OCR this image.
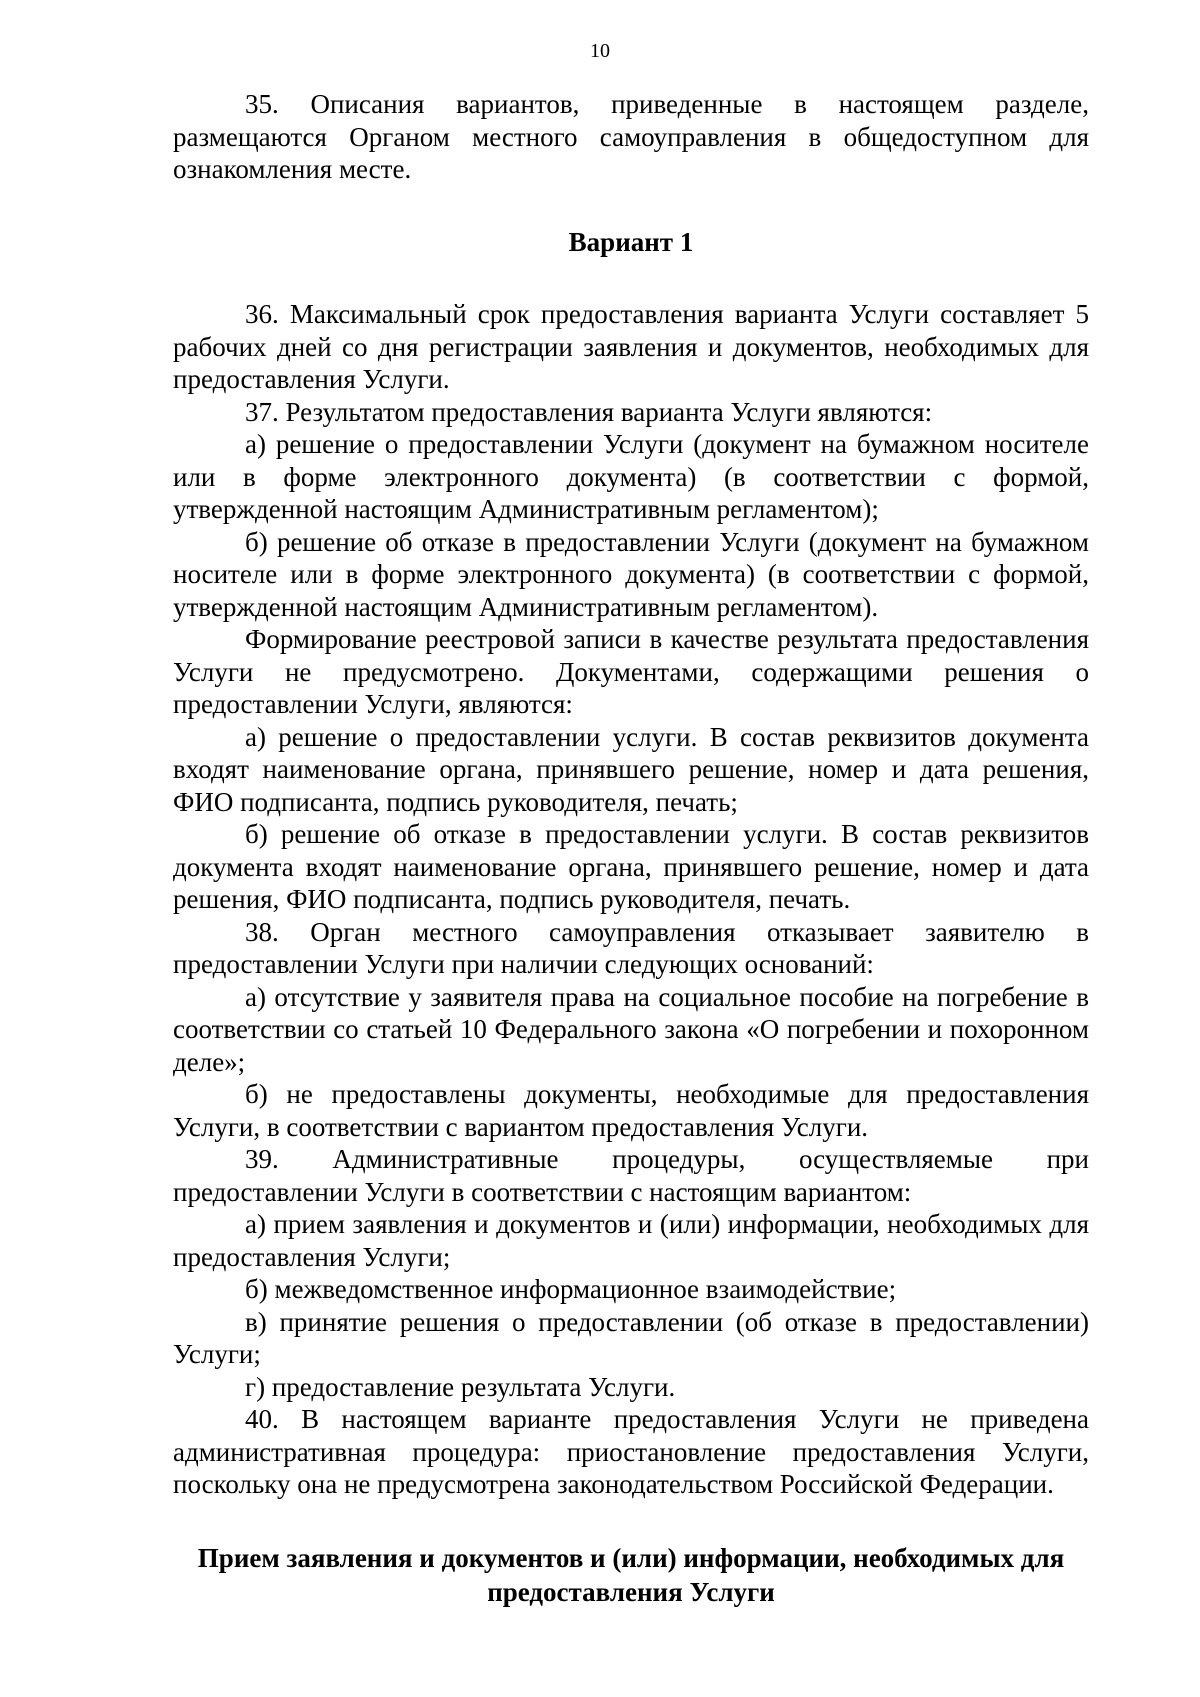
10

35. Описания вариантов, приведенные в настоящем разделе, размещаются Органом местного самоуправления в общедоступном для ознакомления месте.

Вариант 1

36. Максимальный срок предоставления варианта Услуги составляет 5 рабочих дней со дня регистрации заявления и документов, необходимых для предоставления Услуги.

37. Результатом предоставления варианта Услуги являются:

а) решение о предоставлении Услуги (документ на бумажном носителе или в форме электронного документа) (в соответствии с формой, утвержденной настоящим Административным регламентом);

б) решение об отказе в предоставлении Услуги (документ на бумажном носителе или в форме электронного документа) (в соответствии с формой, утвержденной настоящим Административным регламентом).

Формирование реестровой записи в качестве результата предоставления Услуги не предусмотрено. Документами, содержащими решения о предоставлении Услуги, являются:

а) решение о предоставлении услуги. В состав реквизитов документа входят наименование органа, принявшего решение, номер и дата решения, ФИО подписанта, подпись руководителя, печать;

б) решение об отказе в предоставлении услуги. В состав реквизитов документа входят наименование органа, принявшего решение, номер и дата решения, ФИО подписанта, подпись руководителя, печать.

38. Орган местного самоуправления отказывает заявителю в предоставлении Услуги при наличии следующих оснований:

а) отсутствие у заявителя права на социальное пособие на погребение в соответствии со статьей 10 Федерального закона «О погребении и похоронном деле»;

б) не предоставлены документы, необходимые для предоставления Услуги, в соответствии с вариантом предоставления Услуги.

39. Административные процедуры, осуществляемые при предоставлении Услуги в соответствии с настоящим вариантом:

а) прием заявления и документов и (или) информации, необходимых для предоставления Услуги;

б) межведомственное информационное взаимодействие;

в) принятие решения о предоставлении (об отказе в предоставлении) Услуги;

г) предоставление результата Услуги.

40. В настоящем варианте предоставления Услуги не приведена административная процедура: приостановление предоставления Услуги, поскольку она не предусмотрена законодательством Российской Федерации.

Прием заявления и документов и (или) информации, необходимых для предоставления Услуги
